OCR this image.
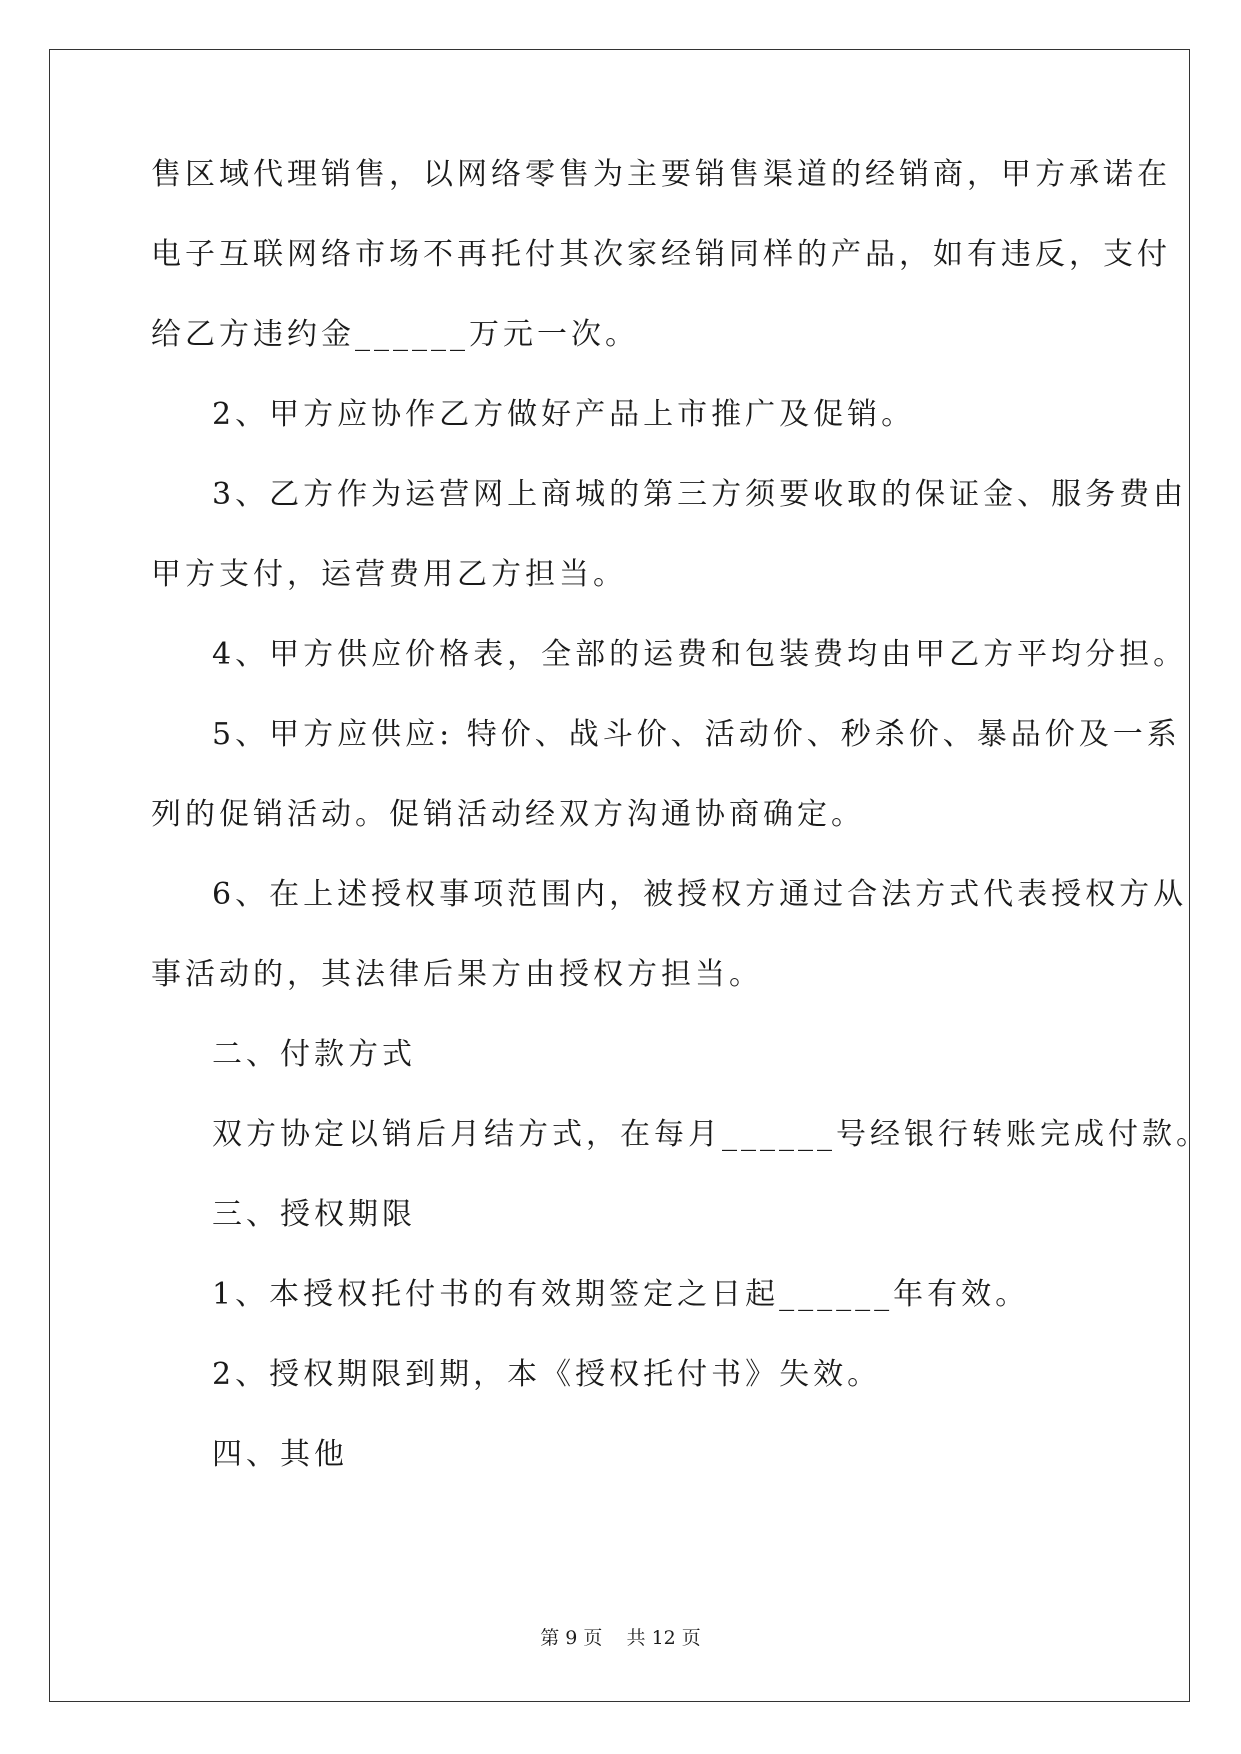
售区域代理销售，以网络零售为主要销售渠道的经销商，甲方承诺在
电子互联网络市场不再托付其次家经销同样的产品，如有违反，支付
给乙方违约金______万元一次。
2、甲方应协作乙方做好产品上市推广及促销。
3、乙方作为运营网上商城的第三方须要收取的保证金、服务费由
甲方支付，运营费用乙方担当。
4、甲方供应价格表，全部的运费和包装费均由甲乙方平均分担。
5、甲方应供应: 特价、战斗价、活动价、秒杀价、暴品价及一系
列的促销活动。促销活动经双方沟通协商确定。
6、在上述授权事项范围内，被授权方通过合法方式代表授权方从
事活动的，其法律后果方由授权方担当。
二、付款方式
双方协定以销后月结方式，在每月______号经银行转账完成付款。
三、授权期限
1、本授权托付书的有效期签定之日起______年有效。
2、授权期限到期，本《授权托付书》失效。
四、其他
第 9 页    共 12 页
